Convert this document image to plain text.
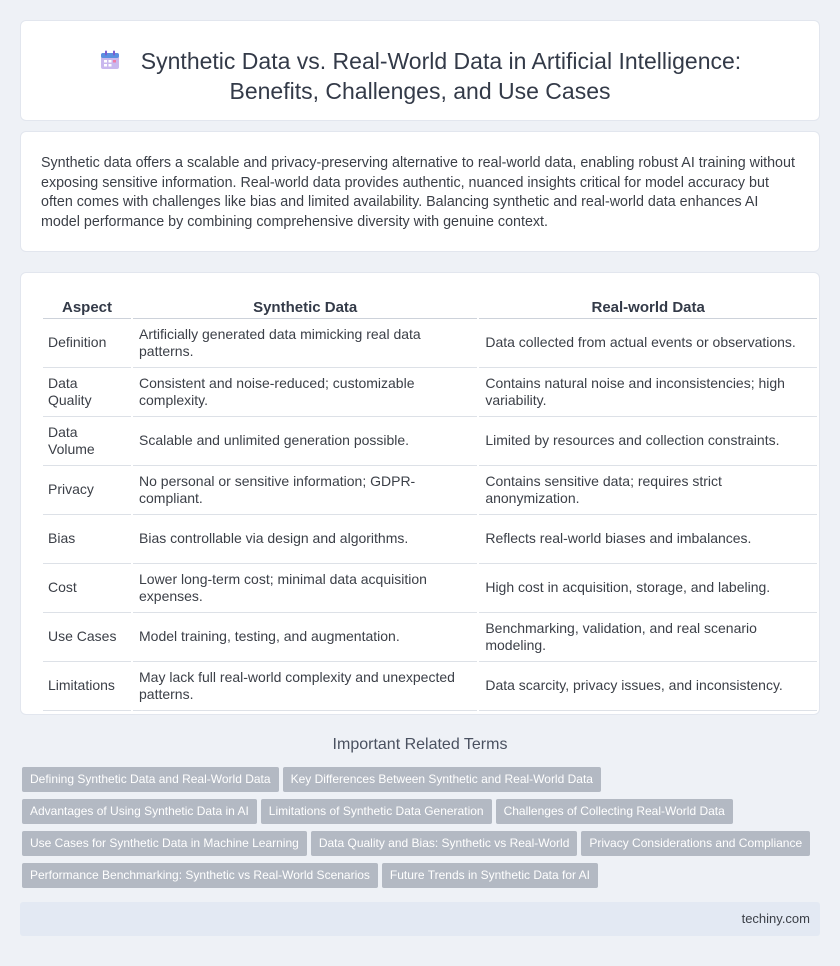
Synthetic Data vs. Real-World Data in Artificial Intelligence:
Benefits, Challenges, and Use Cases

Synthetic data offers a scalable and privacy-preserving alternative to real-world data, enabling robust AI training without exposing sensitive information. Real-world data provides authentic, nuanced insights critical for model accuracy but often comes with challenges like bias and limited availability. Balancing synthetic and real-world data enhances AI model performance by combining comprehensive diversity with genuine context.

Aspect	Synthetic Data	Real-world Data
Definition	Artificially generated data mimicking real data patterns.	Data collected from actual events or observations.
Data Quality	Consistent and noise-reduced; customizable complexity.	Contains natural noise and inconsistencies; high variability.
Data Volume	Scalable and unlimited generation possible.	Limited by resources and collection constraints.
Privacy	No personal or sensitive information; GDPR-compliant.	Contains sensitive data; requires strict anonymization.
Bias	Bias controllable via design and algorithms.	Reflects real-world biases and imbalances.
Cost	Lower long-term cost; minimal data acquisition expenses.	High cost in acquisition, storage, and labeling.
Use Cases	Model training, testing, and augmentation.	Benchmarking, validation, and real scenario modeling.
Limitations	May lack full real-world complexity and unexpected patterns.	Data scarcity, privacy issues, and inconsistency.
Important Related Terms
Defining Synthetic Data and Real-World Data Key Differences Between Synthetic and Real-World Data
Advantages of Using Synthetic Data in AI Limitations of Synthetic Data Generation Challenges of Collecting Real-World Data
Use Cases for Synthetic Data in Machine Learning Data Quality and Bias: Synthetic vs Real-World Privacy Considerations and Compliance
Performance Benchmarking: Synthetic vs Real-World Scenarios Future Trends in Synthetic Data for AI
techiny.com
